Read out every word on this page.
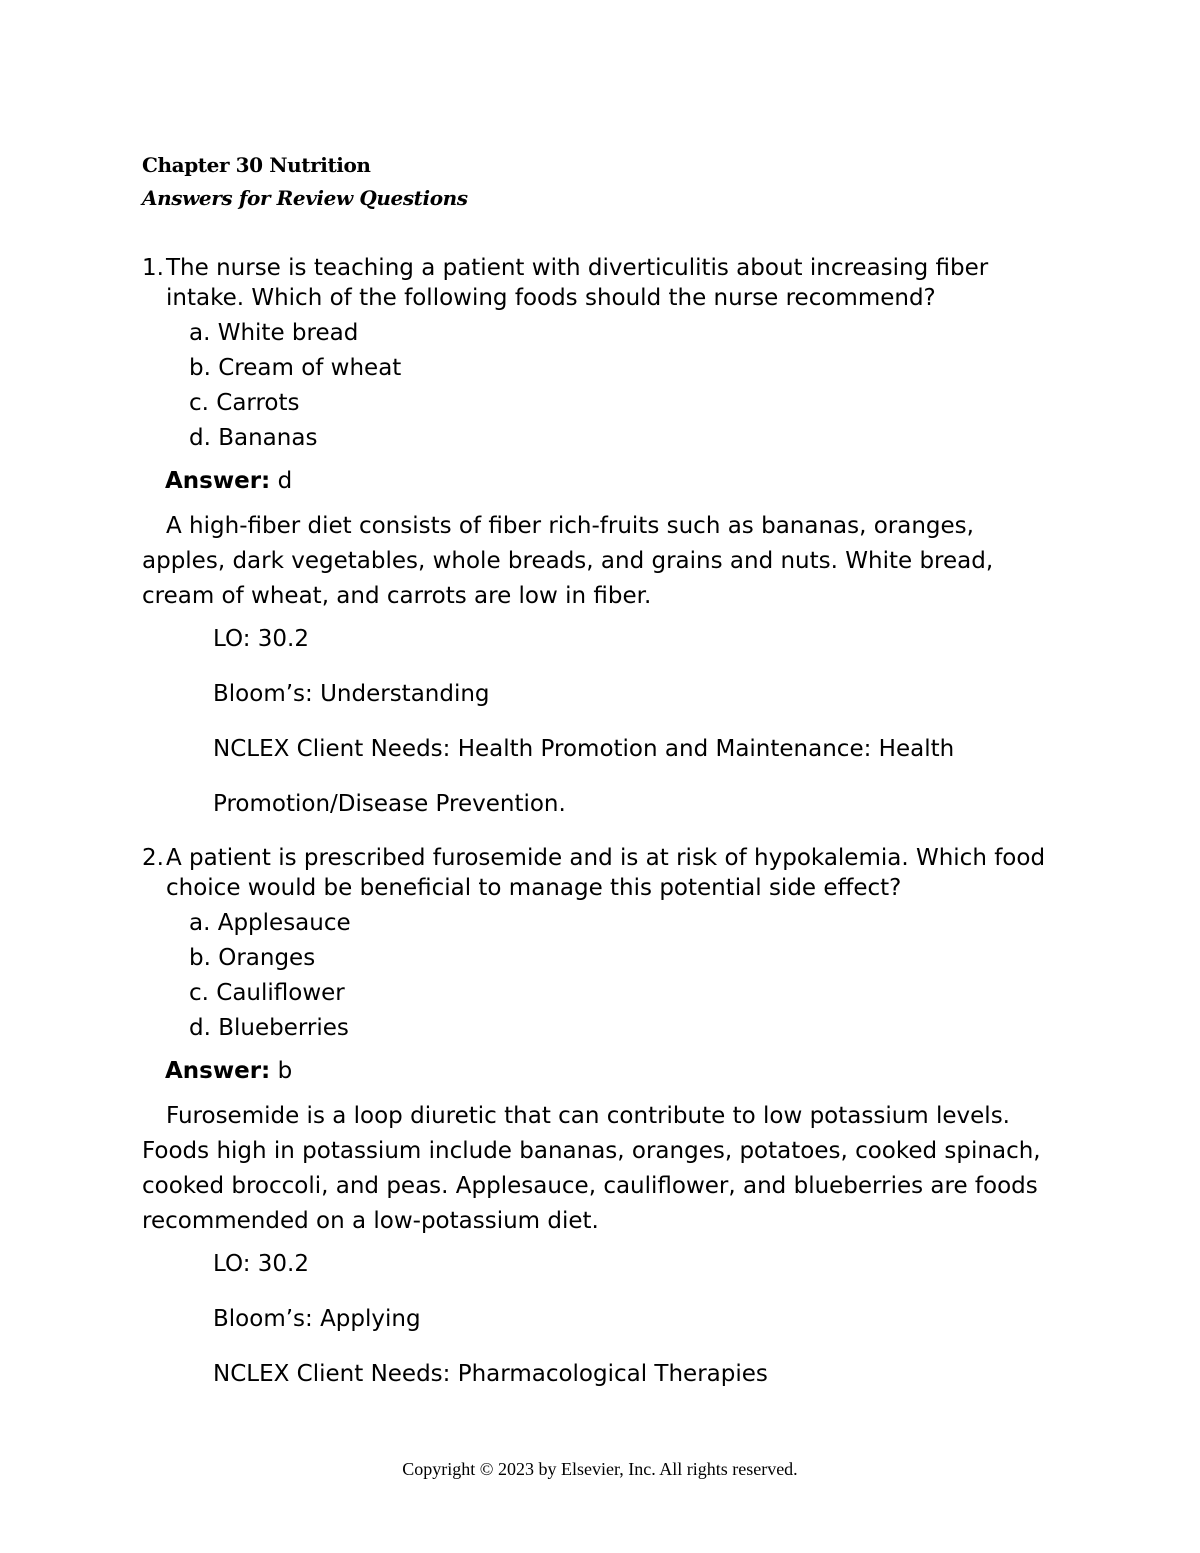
Chapter 30 Nutrition
Answers for Review Questions

1. The nurse is teaching a patient with diverticulitis about increasing fiber intake. Which of the following foods should the nurse recommend?

a. White bread
b. Cream of wheat
c. Carrots
d. Bananas
Answer: d
A high-fiber diet consists of fiber rich-fruits such as bananas, oranges, apples, dark vegetables, whole breads, and grains and nuts. White bread, cream of wheat, and carrots are low in fiber.
LO: 30.2
Bloom’s: Understanding
NCLEX Client Needs: Health Promotion and Maintenance: Health
Promotion/Disease Prevention.

2. A patient is prescribed furosemide and is at risk of hypokalemia. Which food choice would be beneficial to manage this potential side effect?

a. Applesauce
b. Oranges
c. Cauliflower
d. Blueberries
Answer: b
Furosemide is a loop diuretic that can contribute to low potassium levels. Foods high in potassium include bananas, oranges, potatoes, cooked spinach, cooked broccoli, and peas. Applesauce, cauliflower, and blueberries are foods recommended on a low-potassium diet.
LO: 30.2
Bloom’s: Applying
NCLEX Client Needs: Pharmacological Therapies
Copyright © 2023 by Elsevier, Inc. All rights reserved.
